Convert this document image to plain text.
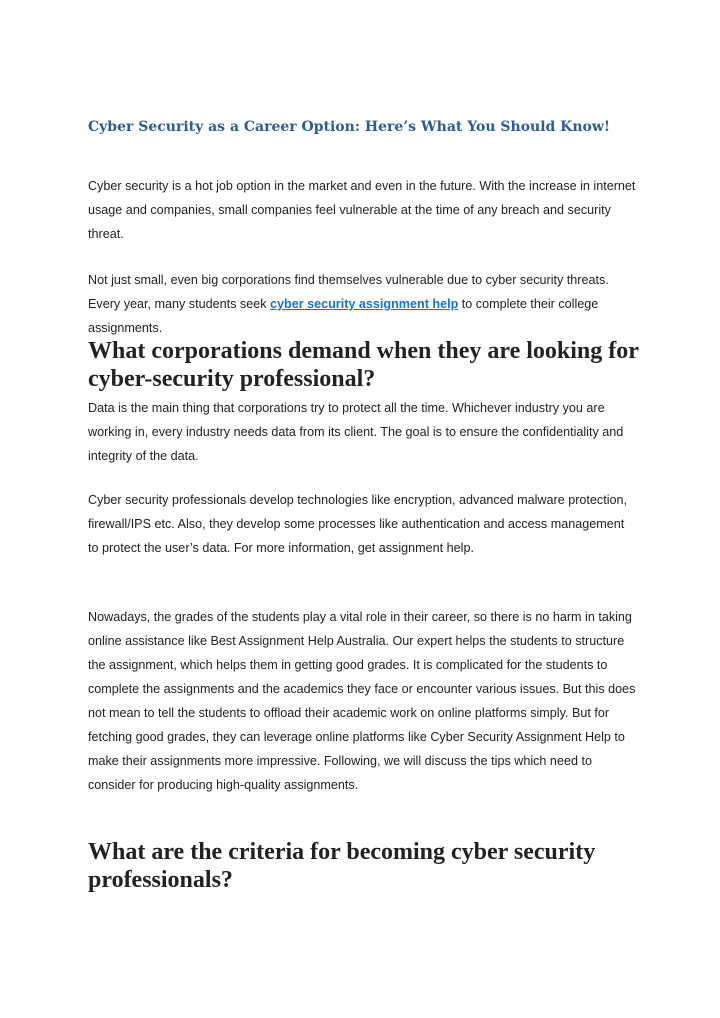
Cyber Security as a Career Option: Here’s What You Should Know!

Cyber security is a hot job option in the market and even in the future. With the increase in internet usage and companies, small companies feel vulnerable at the time of any breach and security threat.

Not just small, even big corporations find themselves vulnerable due to cyber security threats. Every year, many students seek cyber security assignment help to complete their college assignments.

What corporations demand when they are looking for cyber-security professional?

Data is the main thing that corporations try to protect all the time. Whichever industry you are working in, every industry needs data from its client. The goal is to ensure the confidentiality and integrity of the data.

Cyber security professionals develop technologies like encryption, advanced malware protection, firewall/IPS etc. Also, they develop some processes like authentication and access management to protect the user’s data. For more information, get assignment help.

Nowadays, the grades of the students play a vital role in their career, so there is no harm in taking online assistance like Best Assignment Help Australia. Our expert helps the students to structure the assignment, which helps them in getting good grades. It is complicated for the students to complete the assignments and the academics they face or encounter various issues. But this does not mean to tell the students to offload their academic work on online platforms simply. But for fetching good grades, they can leverage online platforms like Cyber Security Assignment Help to make their assignments more impressive. Following, we will discuss the tips which need to consider for producing high-quality assignments.

What are the criteria for becoming cyber security professionals?
